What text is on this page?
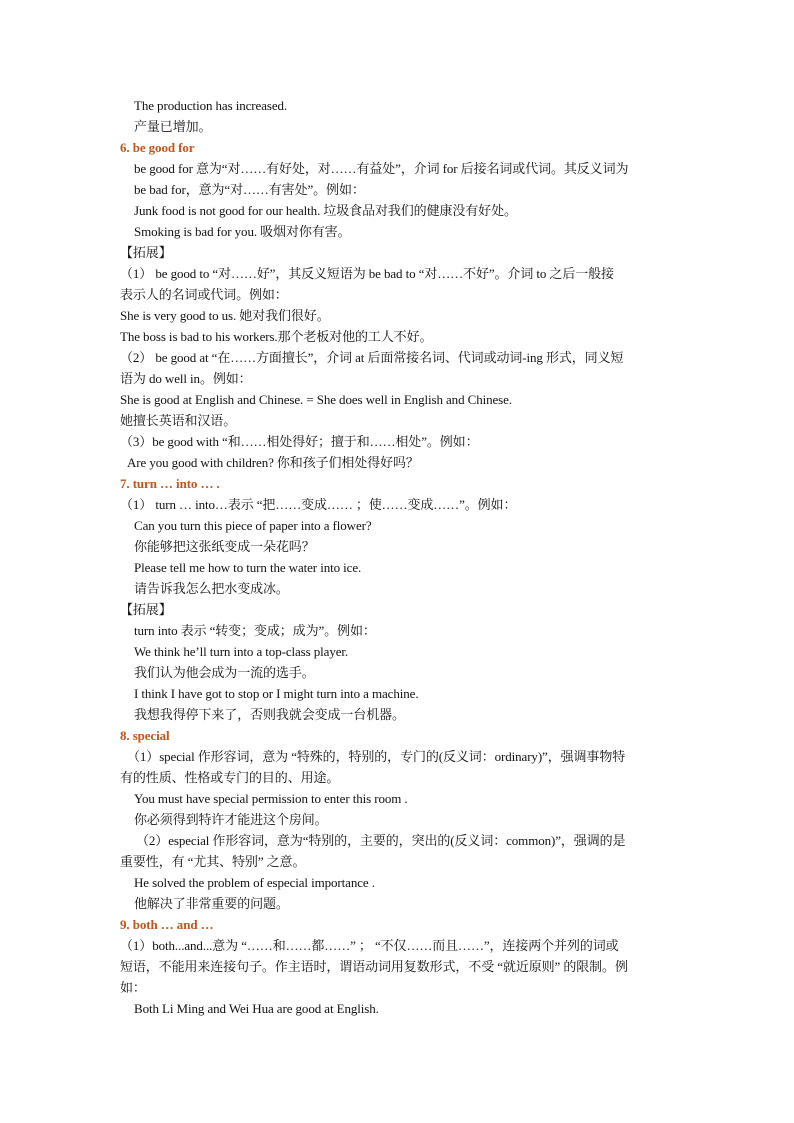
The production has increased.
产量已增加。
6. be good for
be good for 意为“对……有好处，对……有益处”，介词 for 后接名词或代词。其反义词为
be bad for，意为“对……有害处”。例如：
Junk food is not good for our health. 垃圾食品对我们的健康没有好处。
Smoking is bad for you. 吸烟对你有害。
【拓展】
（1） be good to “对……好”，其反义短语为 be bad to “对……不好”。介词 to 之后一般接
表示人的名词或代词。例如：
She is very good to us. 她对我们很好。
The boss is bad to his workers.那个老板对他的工人不好。
（2） be good at “在……方面擅长”，介词 at 后面常接名词、代词或动词-ing 形式，同义短
语为 do well in。例如：
She is good at English and Chinese. = She does well in English and Chinese.
她擅长英语和汉语。
（3）be good with “和……相处得好；擅于和……相处”。例如：
Are you good with children? 你和孩子们相处得好吗？
7. turn … into … .
（1） turn … into…表示 “把……变成…… ；使……变成……”。例如：
Can you turn this piece of paper into a flower?
你能够把这张纸变成一朵花吗？
Please tell me how to turn the water into ice.
请告诉我怎么把水变成冰。
【拓展】
turn into 表示 “转变；变成；成为”。例如：
We think he’ll turn into a top-class player.
我们认为他会成为一流的选手。
I think I have got to stop or I might turn into a machine.
我想我得停下来了，否则我就会变成一台机器。
8. special
（1）special 作形容词，意为 “特殊的，特别的，专门的(反义词：ordinary)”，强调事物特
有的性质、性格或专门的目的、用途。
You must have special permission to enter this room .
你必须得到特许才能进这个房间。
（2）especial 作形容词，意为“特别的，主要的，突出的(反义词：common)”，强调的是
重要性，有 “尤其、特别” 之意。
He solved the problem of especial importance .
他解决了非常重要的问题。
9. both … and …
（1）both...and...意为 “……和……都……” ； “不仅……而且……”，连接两个并列的词或
短语，不能用来连接句子。作主语时，谓语动词用复数形式，不受 “就近原则” 的限制。例
如：
Both Li Ming and Wei Hua are good at English.
